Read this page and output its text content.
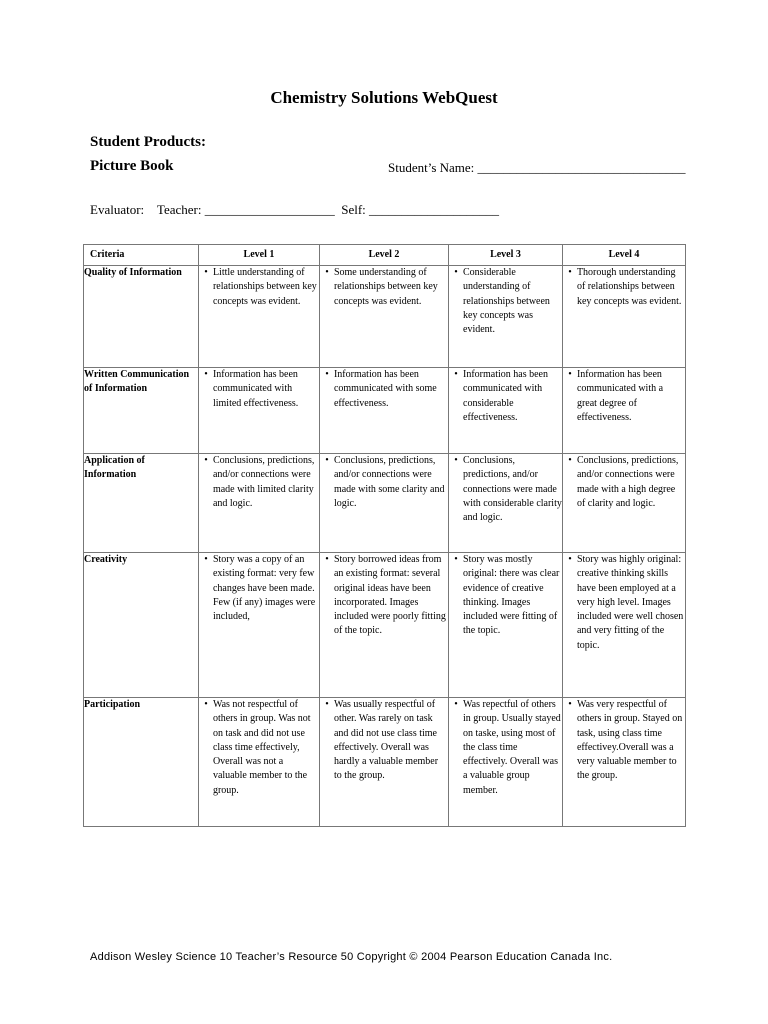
Chemistry Solutions WebQuest
Student Products:
Picture Book	Student’s Name: ________________________________
Evaluator:    Teacher: ____________________  Self: ____________________
Criteria	Level 1	Level 2	Level 3	Level 4
Quality of Information	• Little understanding of relationships between key concepts was evident.	• Some understanding of relationships between key concepts was evident.	• Considerable understanding of relationships between key concepts was evident.	• Thorough understanding of relationships between key concepts was evident.

Written Communication of Information	• Information has been communicated with limited effectiveness.	• Information has been communicated with some effectiveness.	• Information has been communicated with considerable effectiveness.	• Information has been communicated with a great degree of effectiveness.

Application of Information	• Conclusions, predictions, and/or connections were made with limited clarity and logic.	• Conclusions, predictions, and/or connections were made with some clarity and logic.	• Conclusions, predictions, and/or connections were made with considerable clarity and logic.	• Conclusions, predictions, and/or connections were made with a high degree of clarity and logic.

Creativity	• Story was a copy of an existing format: very few changes have been made. Few (if any) images were included,	• Story borrowed ideas from an existing format: several original ideas have been incorporated. Images included were poorly fitting of the topic.	• Story was mostly original: there was clear evidence of creative thinking. Images included were fitting of the topic.	• Story was highly original: creative thinking skills have been employed at a very high level. Images included were well chosen and very fitting of the topic.

Participation	• Was not respectful of others in group. Was not on task and did not use class time effectively, Overall was not a valuable member to the group.	• Was usually respectful of other. Was rarely on task and did not use class time effectively. Overall was hardly a valuable member to the group.	• Was repectful of others in group. Usually stayed on taske, using most of the class time effectively. Overall was a valuable group member.	• Was very respectful of others in group. Stayed on task, using class time effectivey.Overall was a very valuable member to the group.
Addison Wesley Science 10 Teacher’s Resource 50 Copyright © 2004 Pearson Education Canada Inc.
